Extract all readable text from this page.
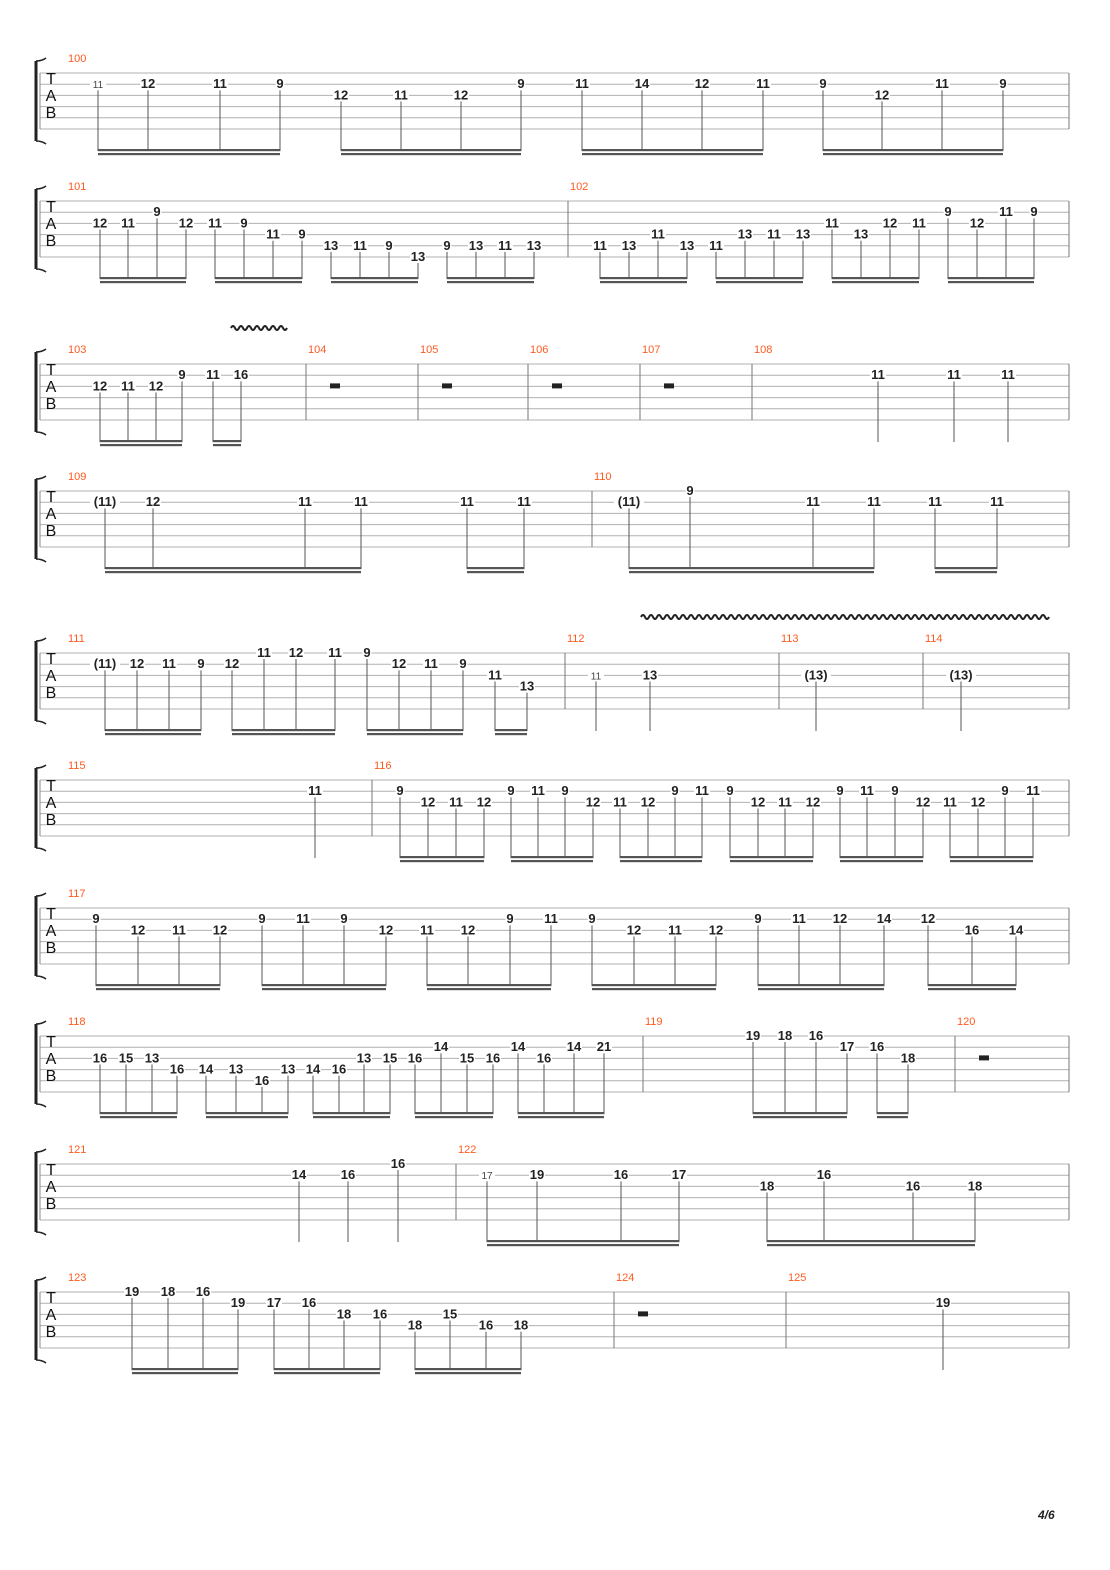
T
A
B
100
11	12	11	9
12	11	12
9	11	14	12	11	9
12
11	9
T
A
B
101
12 11
9
12 11 9
11 9
13 11 9
13
9 13 11 13
102
11 13
11
13 11
13 11 13
11
13
12 11
9
12
11 9
T
A
B
103
12 11 12
9 11 16
104	105	106	107	108
11	11	11
T
A
B
109
(11) 12	11	11	11	11
110
(11)
9
11	11	11	11
T
A
B
111
(11) 12 11 9 12
11 12 11 9
12 11 9
11
13
112
11	13
113
(13)
114
(13)
T
A
B
115
11
116
9
12 11 12
9 11 9
12 11 12
9 11 9
12 11 12
9 11 9
12 11 12
9 11
T
A
B
117
9
12 11 12
9 11 9
12 11 12
9 11 9
12 11 12
9 11 12 14 12
16 14
T
A
B
118
16 15 13
16 14 13
16
13 14 16
13 15 16
14
15 16
14
16
14 21
119
19 18 16
17 16
18
120
T
A
B
121
14	16
16
122
17	19	16	17
18
16
16	18
T
A
B
123
19 18 16
19 17 16
18 16
18
15
16 18
124	125
19
4/6
